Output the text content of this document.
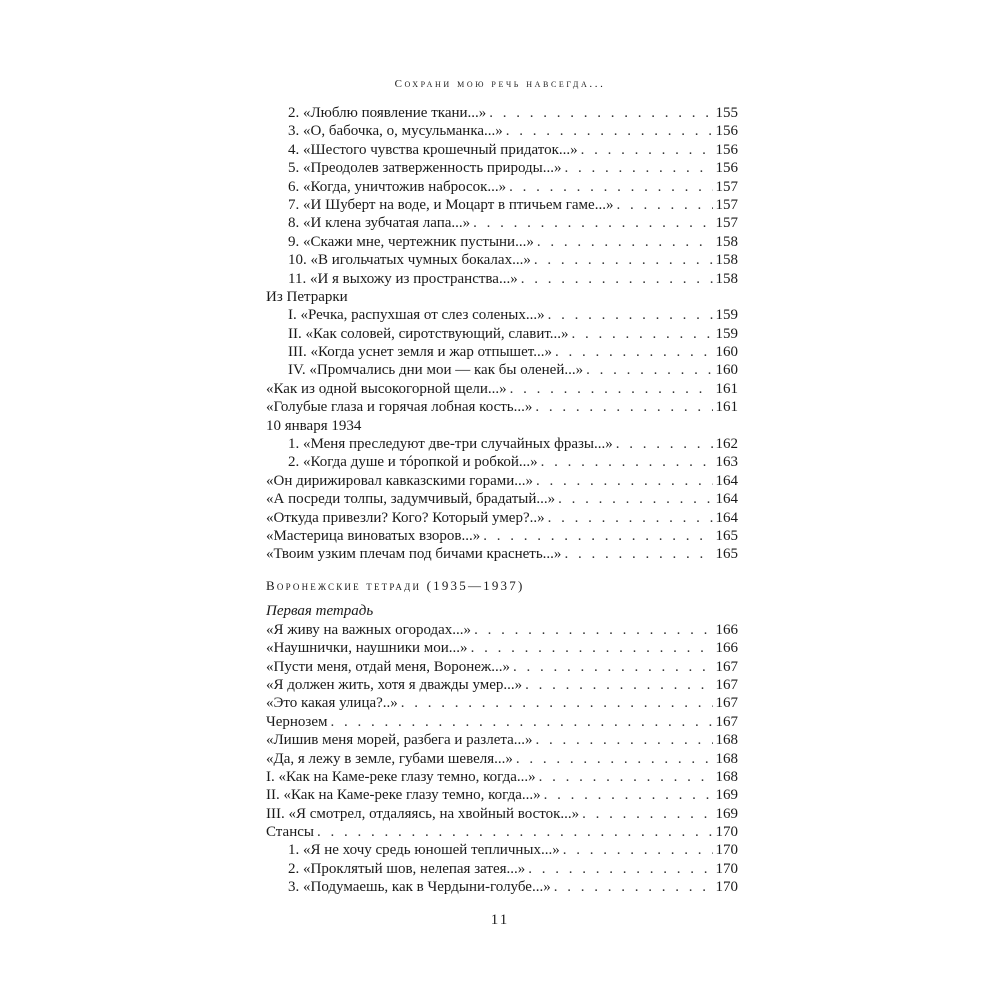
Сохрани мою речь навсегда...
2. «Люблю появление ткани...» . . .	155
3. «О, бабочка, о, мусульманка...» . . .	156
4. «Шестого чувства крошечный придаток...» . . .	156
5. «Преодолев затверженность природы...» . . .	156
6. «Когда, уничтожив набросок...» . . .	157
7. «И Шуберт на воде, и Моцарт в птичьем гаме...» . . .	157
8. «И клена зубчатая лапа...» . . .	157
9. «Скажи мне, чертежник пустыни...» . . .	158
10. «В игольчатых чумных бокалах...» . . .	158
11. «И я выхожу из пространства...» . . .	158
Из Петрарки
I. «Речка, распухшая от слез соленых...» . . .	159
II. «Как соловей, сиротствующий, славит...» . . .	159
III. «Когда уснет земля и жар отпышет...» . . .	160
IV. «Промчались дни мои — как бы оленей...» . . .	160
«Как из одной высокогорной щели...» . . .	161
«Голубые глаза и горячая лобная кость...» . . .	161
10 января 1934
1. «Меня преследуют две-три случайных фразы...» . . .	162
2. «Когда душе и тóропкой и робкой...» . . .	163
«Он дирижировал кавказскими горами...» . . .	164
«А посреди толпы, задумчивый, брадатый...» . . .	164
«Откуда привезли? Кого? Который умер?..» . . .	164
«Мастерица виноватых взоров...» . . .	165
«Твоим узким плечам под бичами краснеть...» . . .	165
Воронежские тетради (1935—1937)
Первая тетрадь
«Я живу на важных огородах...» . . .	166
«Наушнички, наушники мои...» . . .	166
«Пусти меня, отдай меня, Воронеж...» . . .	167
«Я должен жить, хотя я дважды умер...» . . .	167
«Это какая улица?..» . . .	167
Чернозем . . .	167
«Лишив меня морей, разбега и разлета...» . . .	168
«Да, я лежу в земле, губами шевеля...» . . .	168
I. «Как на Каме-реке глазу темно, когда...» . . .	168
II. «Как на Каме-реке глазу темно, когда...» . . .	169
III. «Я смотрел, отдаляясь, на хвойный восток...» . . .	169
Стансы . . .	170
1. «Я не хочу средь юношей тепличных...» . . .	170
2. «Проклятый шов, нелепая затея...» . . .	170
3. «Подумаешь, как в Чердыни-голубе...» . . .	170
11
